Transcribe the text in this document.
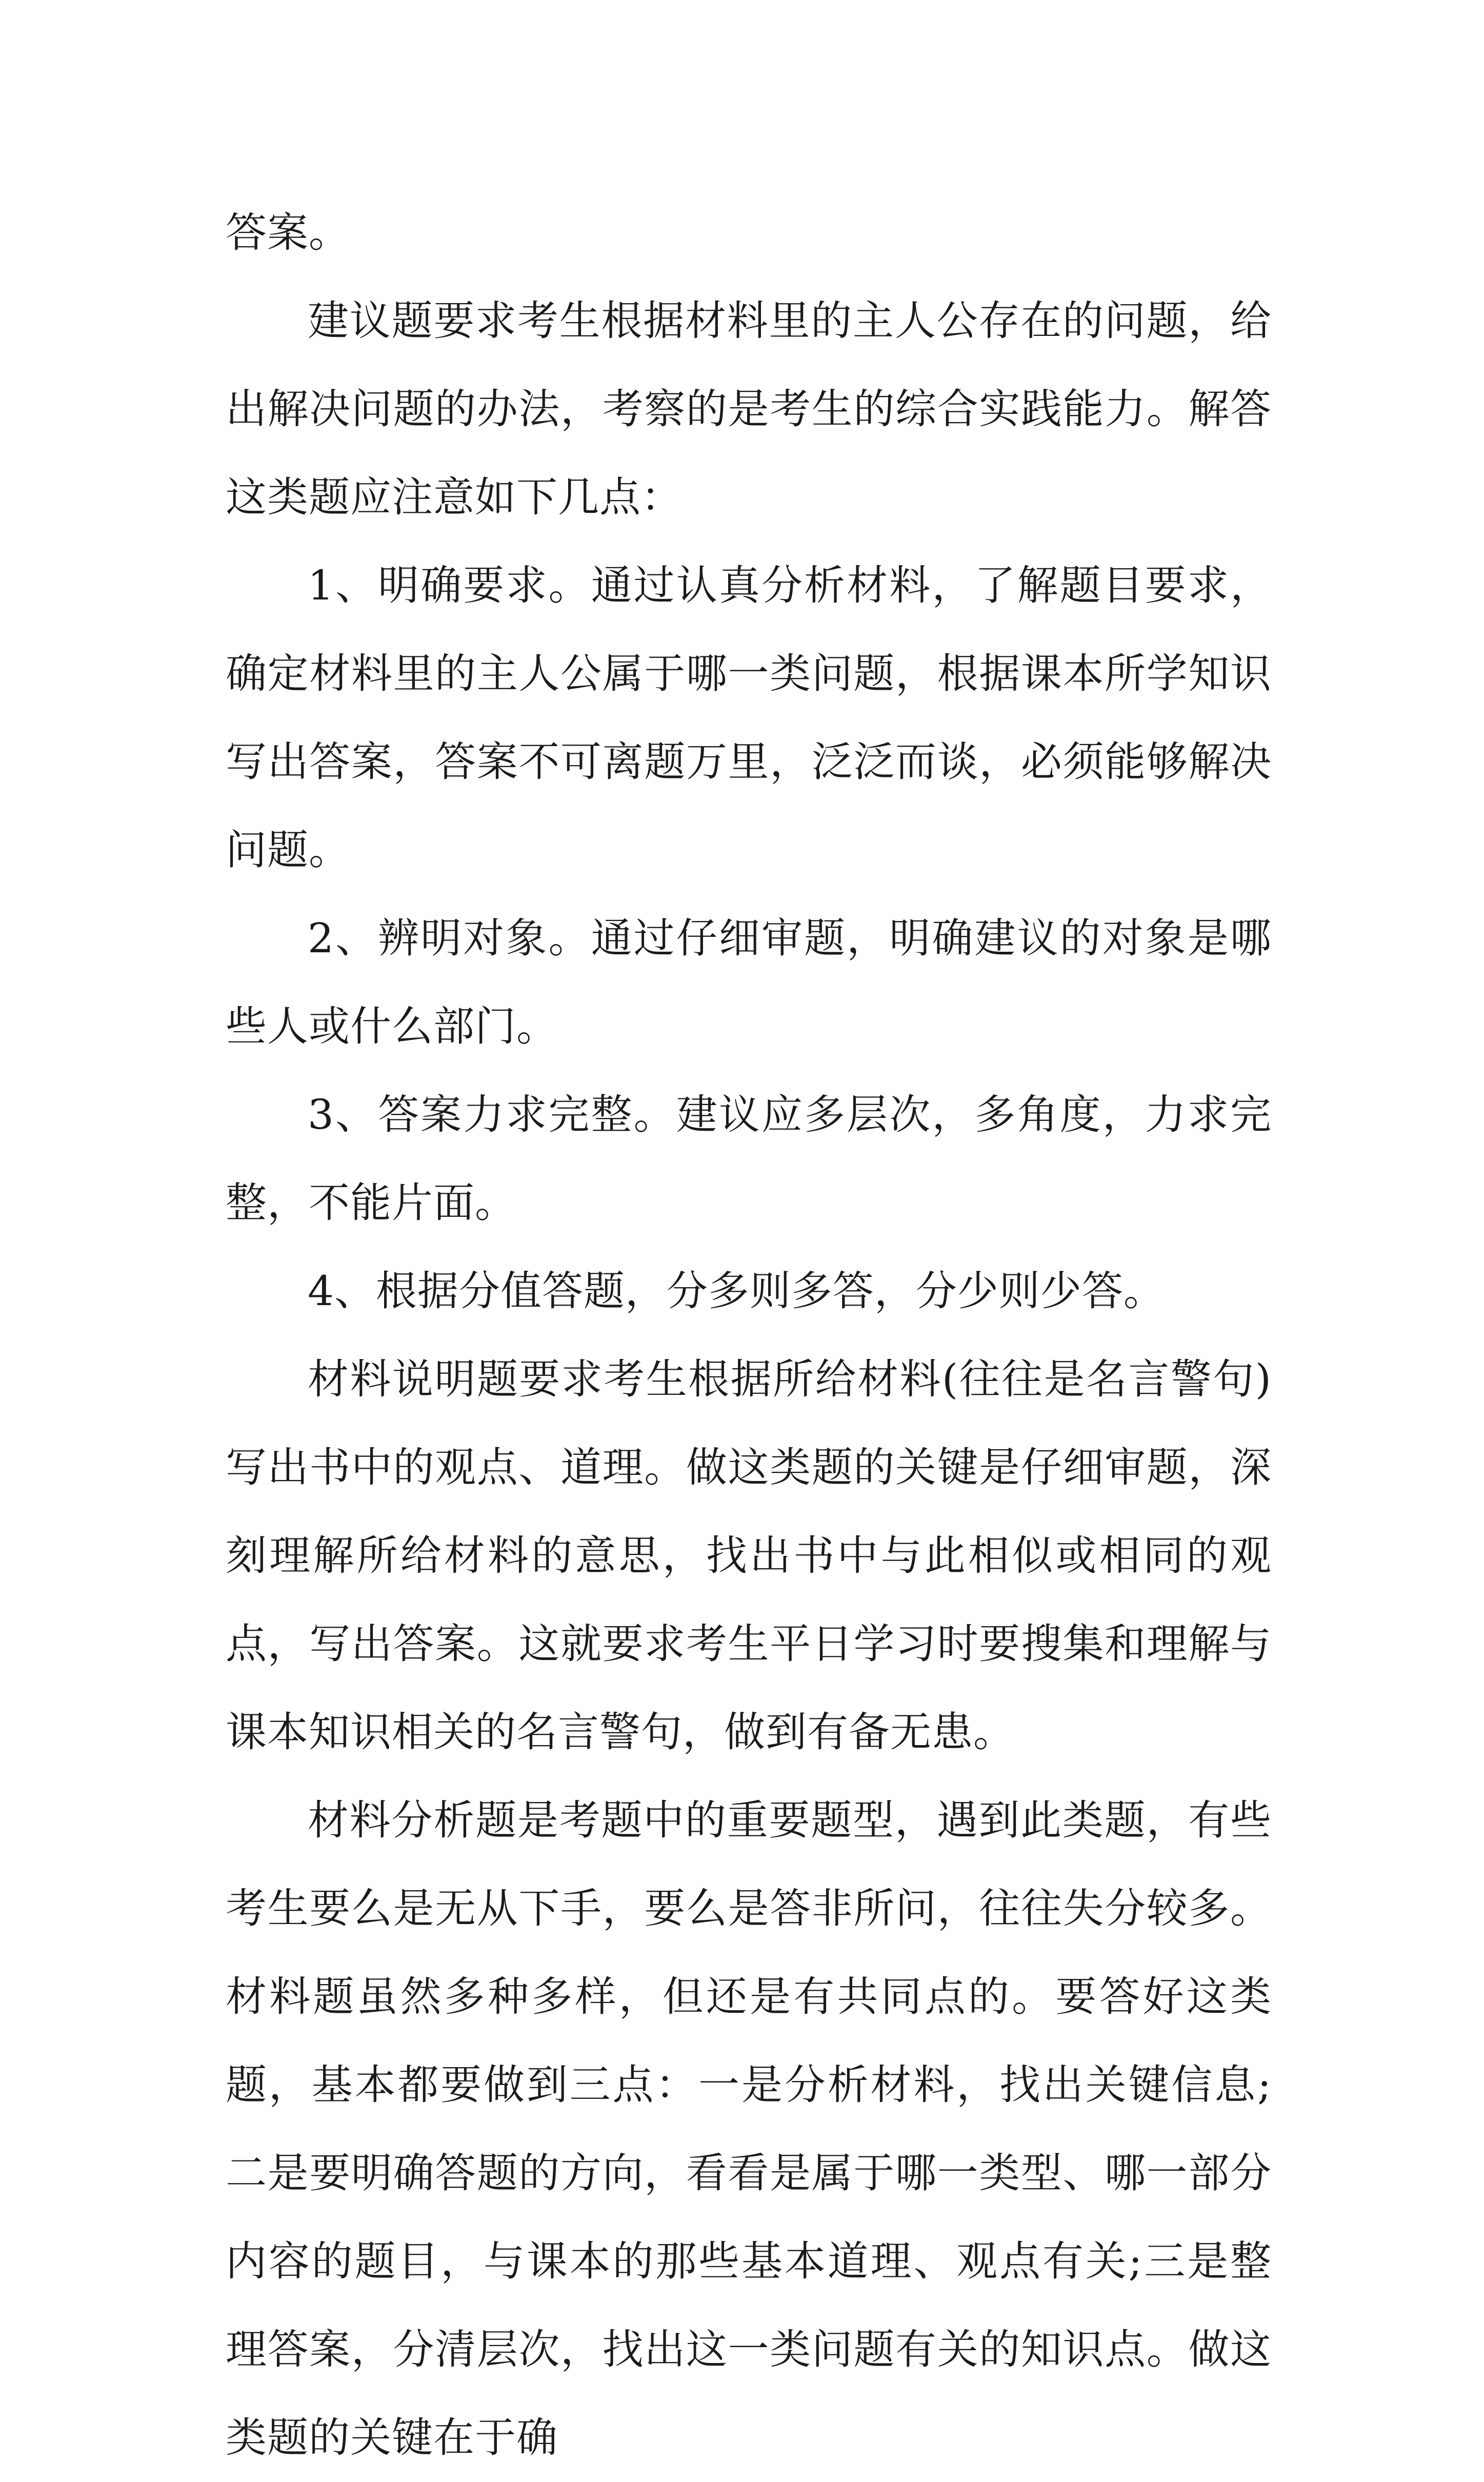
答案。

建议题要求考生根据材料里的主人公存在的问题，给出解决问题的办法，考察的是考生的综合实践能力。解答这类题应注意如下几点：

1、明确要求。通过认真分析材料，了解题目要求，确定材料里的主人公属于哪一类问题，根据课本所学知识写出答案，答案不可离题万里，泛泛而谈，必须能够解决问题。

2、辨明对象。通过仔细审题，明确建议的对象是哪些人或什么部门。

3、答案力求完整。建议应多层次，多角度，力求完整，不能片面。

4、根据分值答题，分多则多答，分少则少答。

材料说明题要求考生根据所给材料(往往是名言警句)写出书中的观点、道理。做这类题的关键是仔细审题，深刻理解所给材料的意思，找出书中与此相似或相同的观点，写出答案。这就要求考生平日学习时要搜集和理解与课本知识相关的名言警句，做到有备无患。

材料分析题是考题中的重要题型，遇到此类题，有些考生要么是无从下手，要么是答非所问，往往失分较多。材料题虽然多种多样，但还是有共同点的。要答好这类题，基本都要做到三点：一是分析材料，找出关键信息;二是要明确答题的方向，看看是属于哪一类型、哪一部分内容的题目，与课本的那些基本道理、观点有关;三是整理答案，分清层次，找出这一类问题有关的知识点。做这类题的关键在于确
